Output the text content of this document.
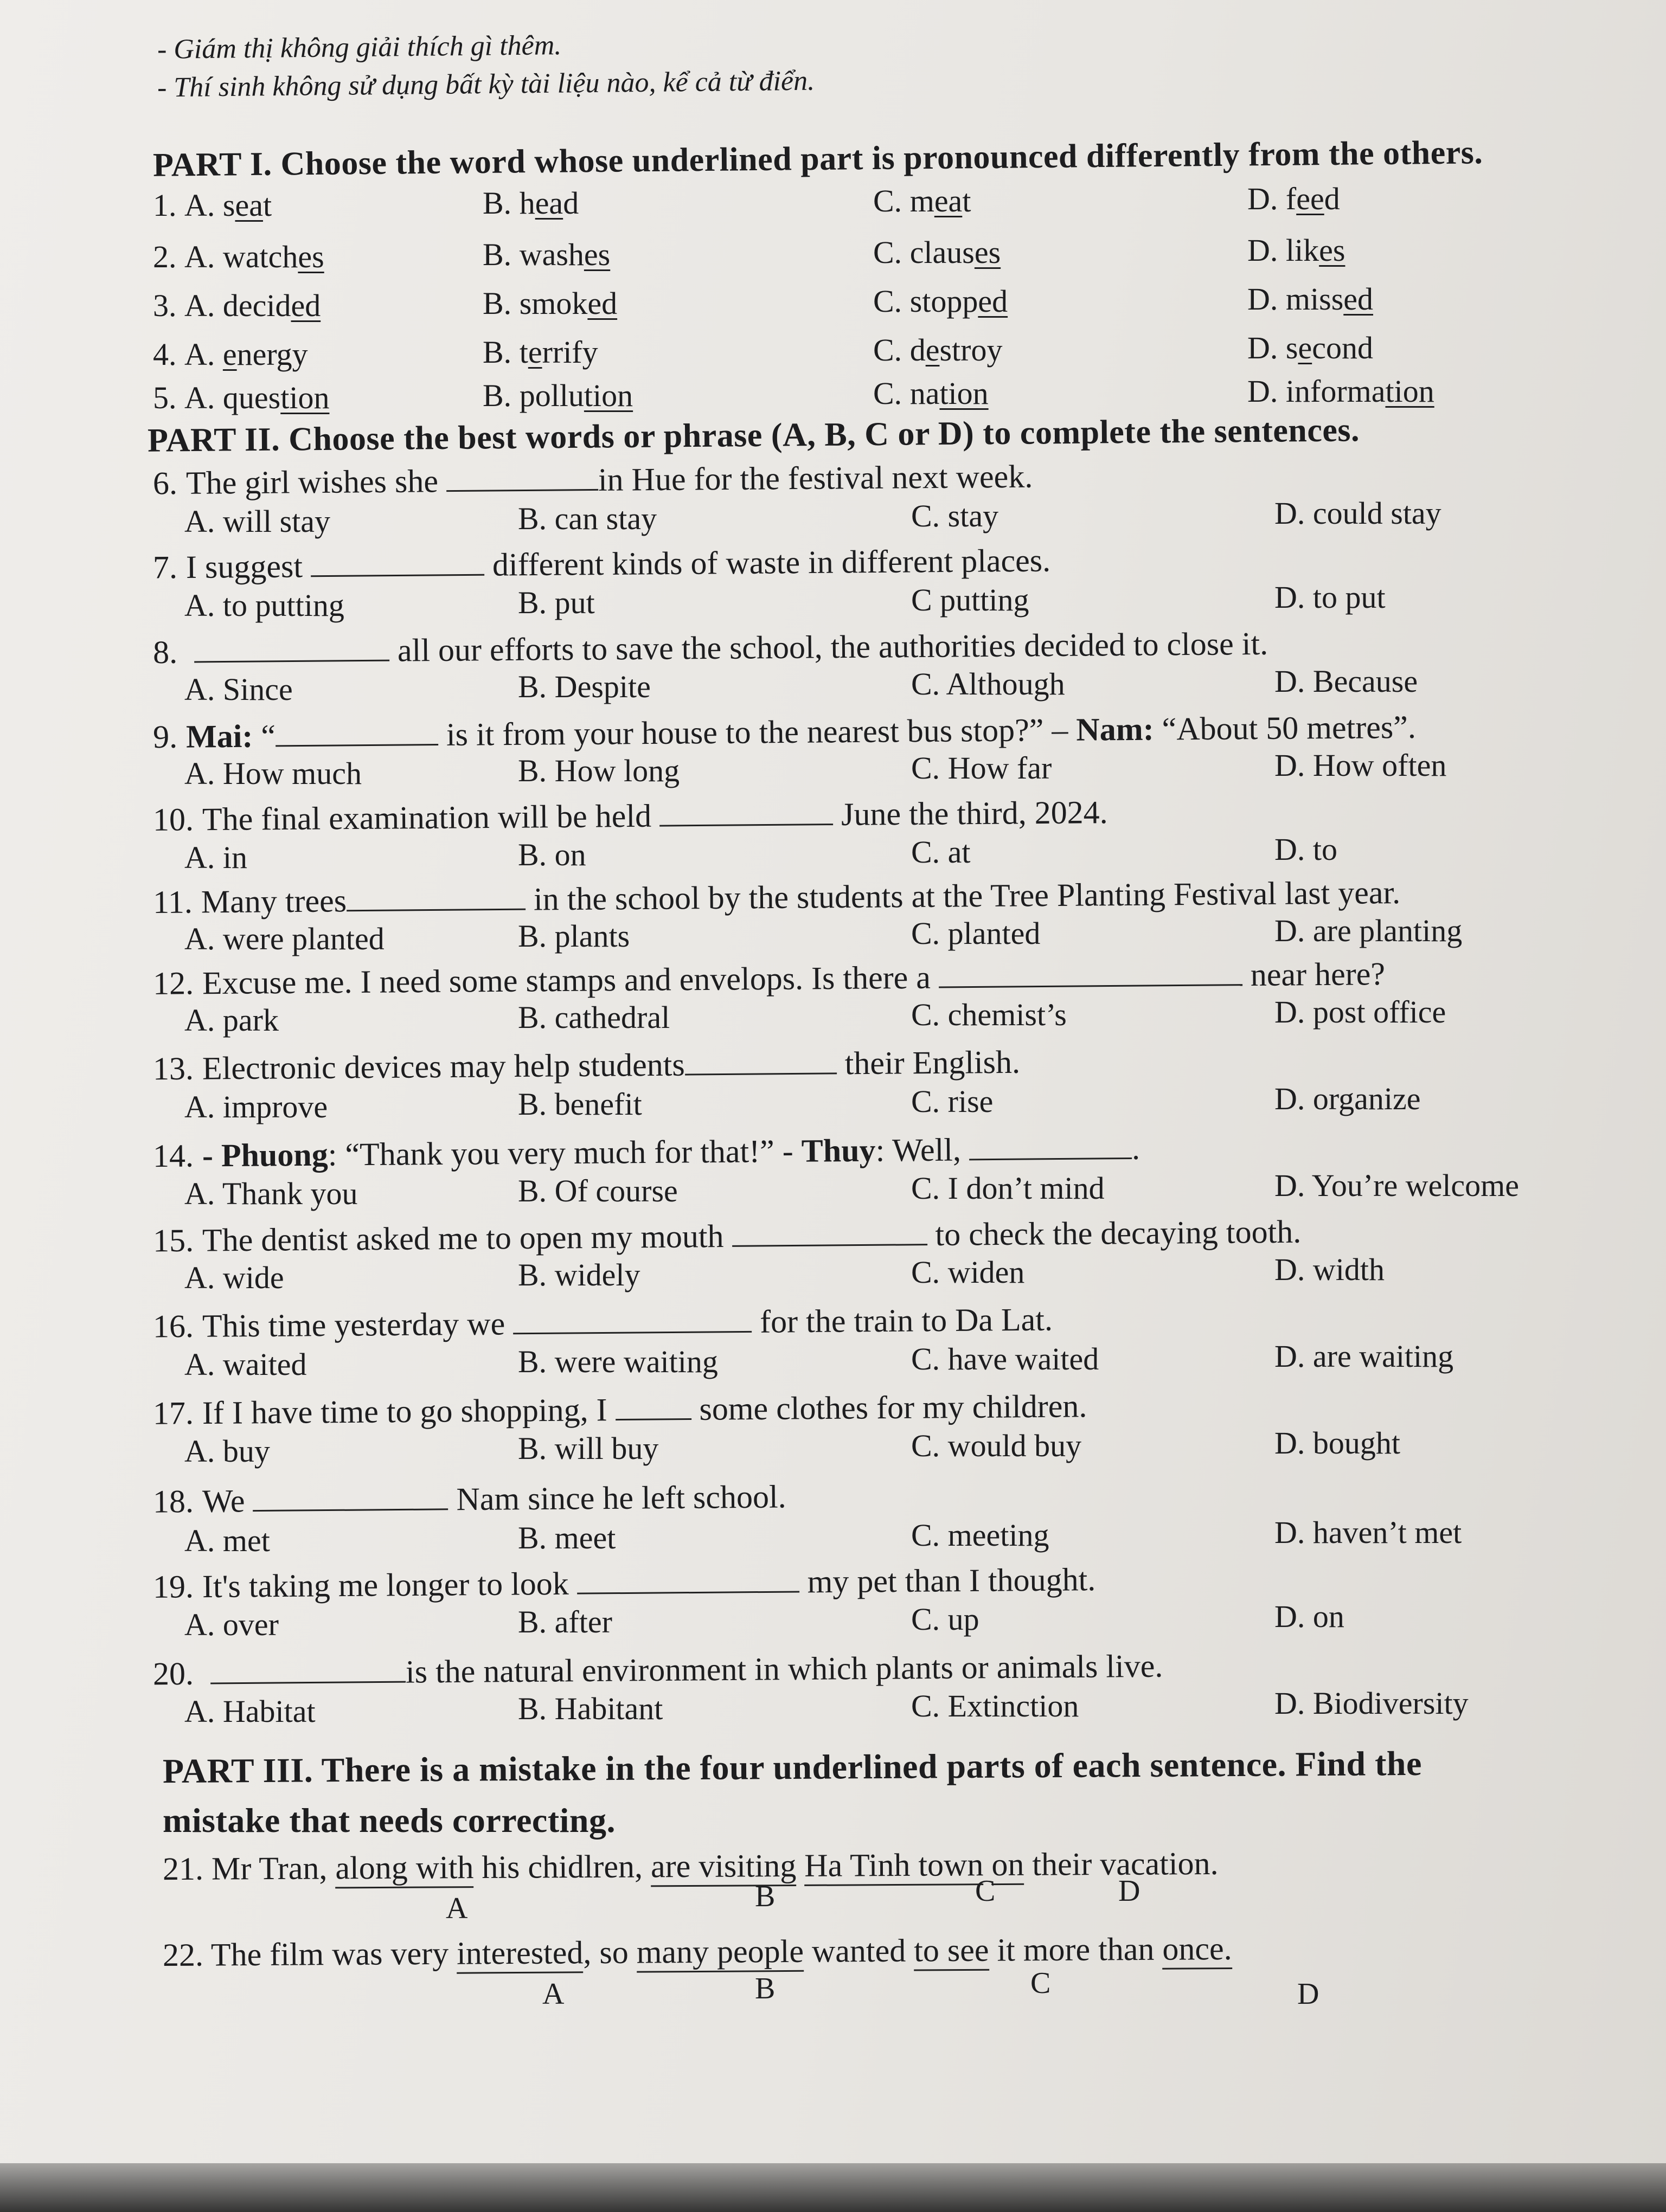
- Giám thị không giải thích gì thêm.
- Thí sinh không sử dụng bất kỳ tài liệu nào, kể cả từ điển.
PART I. Choose the word whose underlined part is pronounced differently from the others.
1. A. seat	B. head	C. meat	D. feed
2. A. watches	B. washes	C. clauses	D. likes
3. A. decided	B. smoked	C. stopped	D. missed
4. A. energy	B. terrify	C. destroy	D. second
5. A. question	B. pollution	C. nation	D. information
PART II. Choose the best words or phrase (A, B, C or D) to complete the sentences.
6. The girl wishes she	in Hue for the festival next week.
A. will stay	B. can stay	C. stay	D. could stay
7. I suggest	different kinds of waste in different places.
A. to putting	B. put	C putting	D. to put
8.	all our efforts to save the school, the authorities decided to close it.
A. Since	B. Despite	C. Although	D. Because
9. Mai: “	is it from your house to the nearest bus stop?” – Nam: “About 50 metres”.
A. How much	B. How long	C. How far	D. How often
10. The final examination will be held	June the third, 2024.
A. in	B. on	C. at	D. to
11. Many trees	in the school by the students at the Tree Planting Festival last year.
A. were planted	B. plants	C. planted	D. are planting
12. Excuse me. I need some stamps and envelops. Is there a	near here?
A. park	B. cathedral	C. chemist’s	D. post office
13. Electronic devices may help students	their English.
A. improve	B. benefit	C. rise	D. organize
14. - Phuong: “Thank you very much for that!” - Thuy: Well,	.
A. Thank you	B. Of course	C. I don’t mind	D. You’re welcome
15. The dentist asked me to open my mouth	to check the decaying tooth.
A. wide	B. widely	C. widen	D. width
16. This time yesterday we	for the train to Da Lat.
A. waited	B. were waiting	C. have waited	D. are waiting
17. If I have time to go shopping, I  some clothes for my children.
A. buy	B. will buy	C. would buy	D. bought
18. We	Nam since he left school.
A. met	B. meet	C. meeting	D. haven’t met
19. It's taking me longer to look	my pet than I thought.
A. over	B. after	C. up	D. on
20.	is the natural environment in which plants or animals live.
A. Habitat	B. Habitant	C. Extinction	D. Biodiversity
PART III. There is a mistake in the four underlined parts of each sentence. Find the
mistake that needs correcting.
21. Mr Tran, along with his chidlren, are visiting Ha Tinh town on their vacation.
A	B	C	D
22. The film was very interested, so many people wanted to see it more than once.
A	B	C	D
